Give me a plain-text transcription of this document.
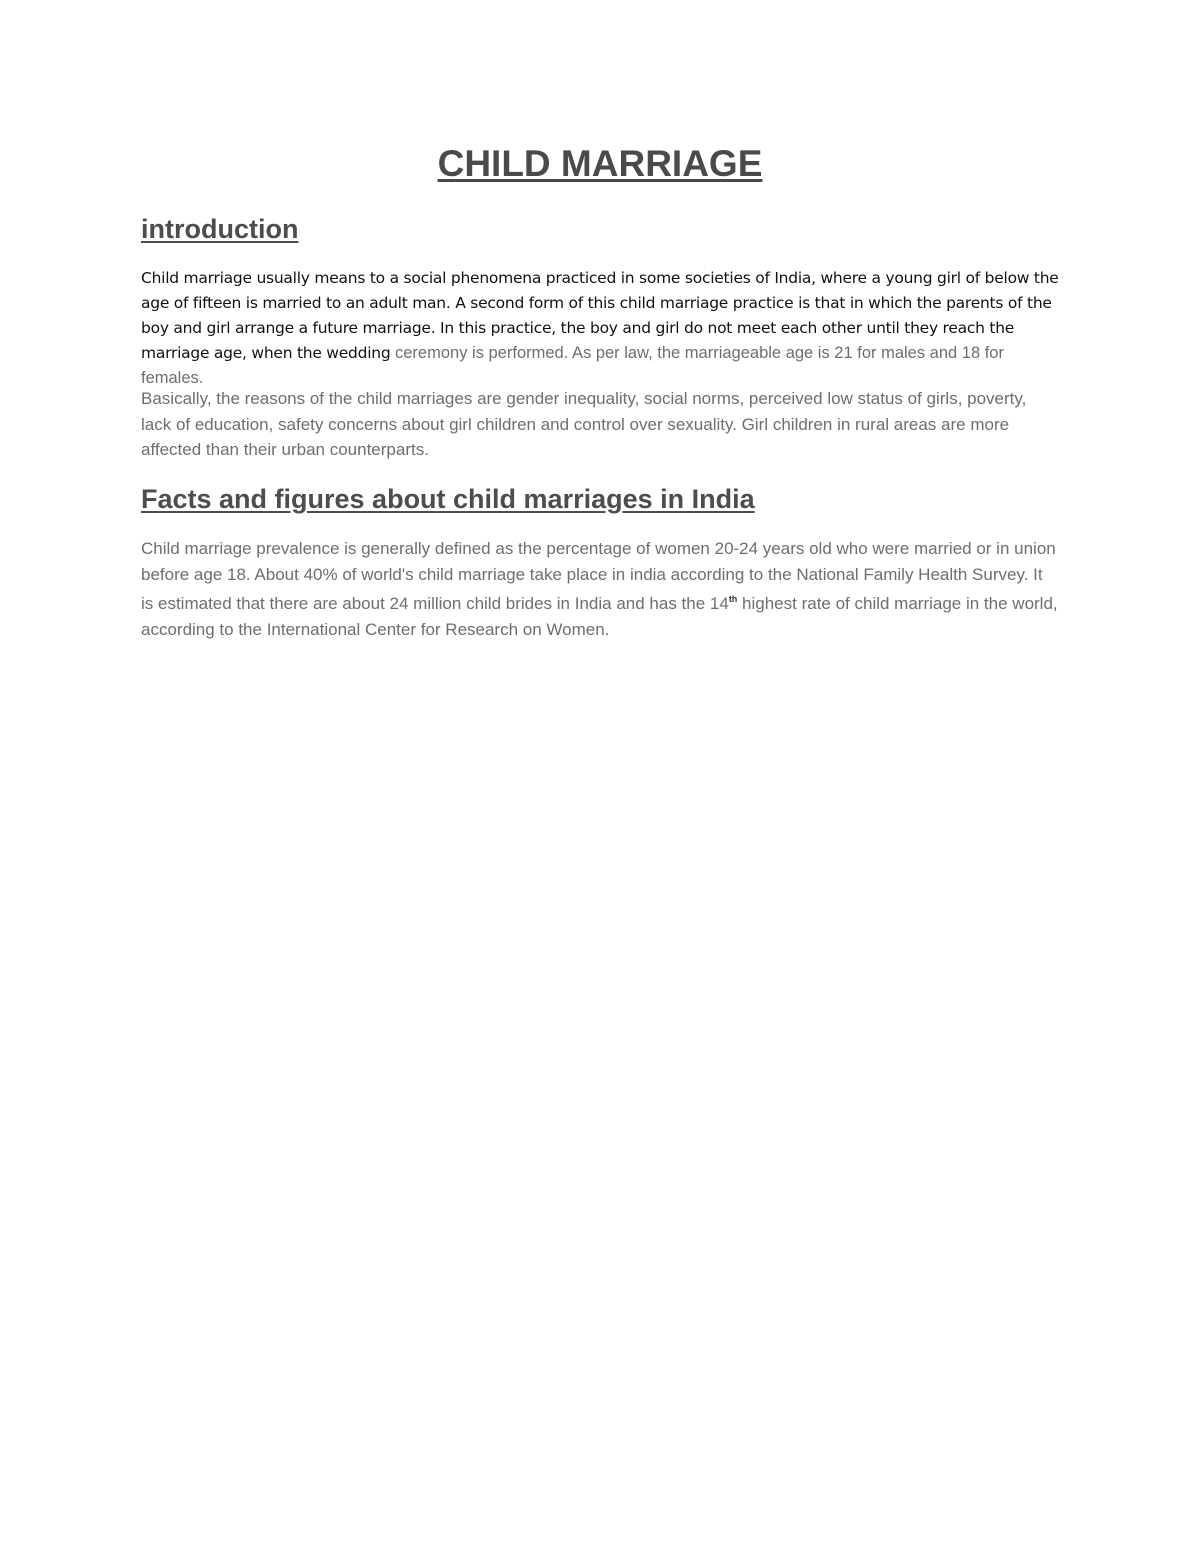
CHILD MARRIAGE
introduction

Child marriage usually means to a social phenomena practiced in some societies of India, where a young girl of below the age of fifteen is married to an adult man. A second form of this child marriage practice is that in which the parents of the boy and girl arrange a future marriage. In this practice, the boy and girl do not meet each other until they reach the marriage age, when the wedding ceremony is performed. As per law, the marriageable age is 21 for males and 18 for females.

Basically, the reasons of the child marriages are gender inequality, social norms, perceived low status of girls, poverty, lack of education, safety concerns about girl children and control over sexuality. Girl children in rural areas are more affected than their urban counterparts.

Facts and figures about child marriages in India

Child marriage prevalence is generally defined as the percentage of women 20-24 years old who were married or in union before age 18. About 40% of world's child marriage take place in india according to the National Family Health Survey. It is estimated that there are about 24 million child brides in India and has the 14th highest rate of child marriage in the world, according to the International Center for Research on Women.
